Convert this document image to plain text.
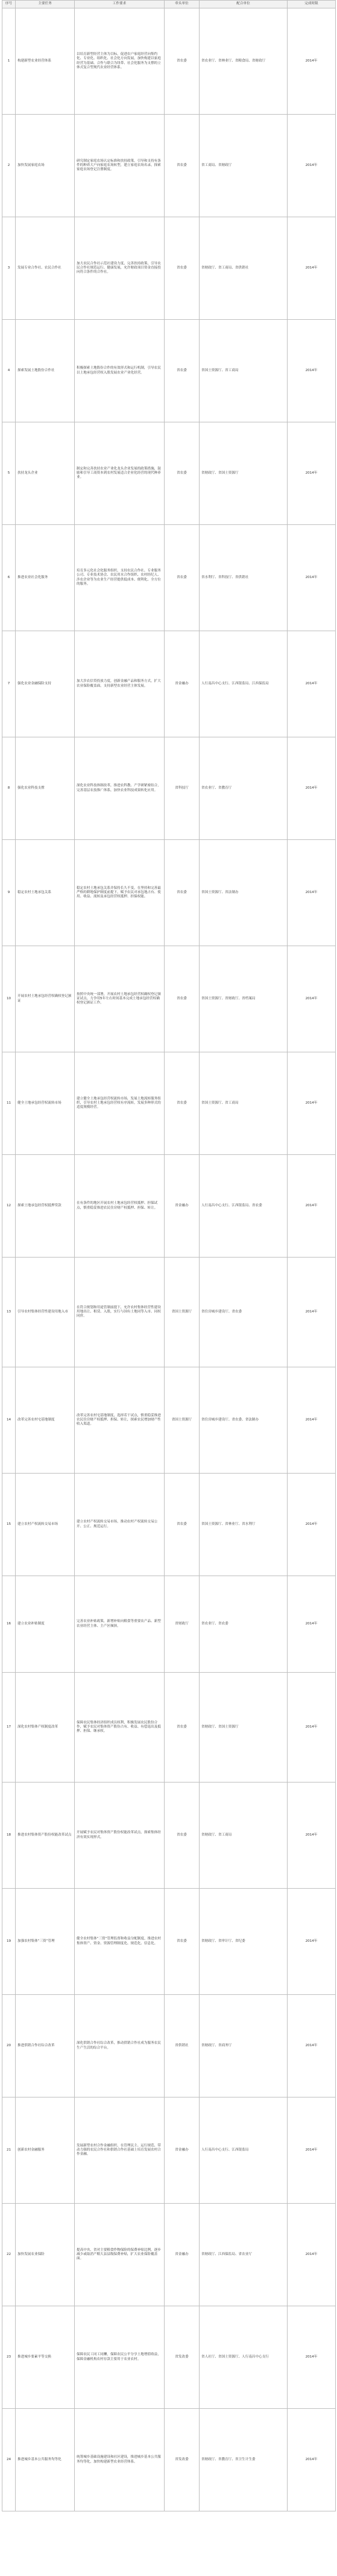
序号	主要任务	工作要求	牵头单位	配合单位	完成时限
1	构建新型农业经营体系	以培育新型经营主体为目标，促进农户家庭经营向集约化、专业化、组织化、社会化方向发展，加快构建以家庭经营为基础、合作与联合为纽带、社会化服务为支撑的立体式复合型现代农业经营体系。	省农委	省农业厅、省林业厅、省粮食局、省财政厅	2014年
2	加快发展家庭农场	研究制定家庭农场认定标准和扶持政策，引导和支持有条件的种养大户向家庭农场转型，建立家庭农场名录，探索家庭农场登记注册制度。	省农委	省工商局、省财政厅	2014年
3	发展专业合作社、农民合作社	加大农民合作社示范社建设力度，完善扶持政策，引导农民合作社规范运行、健康发展，允许财政项目资金直接投向符合条件的合作社。	省农委	省财政厅、省工商局、省供销社	2014年
4	探索发展土地股份合作社	积极探索土地股份合作的有效形式和运行机制，引导农民以土地承包经营权入股发展农业产业化经营。	省农委	省国土资源厅、省工商局	2014年
5	扶持龙头企业	制定和完善扶持农业产业化龙头企业发展的政策措施，鼓励和引导工商资本到农村发展适合企业化经营的现代种养业。	省农委	省财政厅、省国土资源厅	2014年
6	推进农业社会化服务	培育多元化社会化服务组织，支持农民合作社、专业服务公司、专业技术协会、农民用水合作组织、农村经纪人、涉农企业等为农业生产经营提供低成本、便利化、全方位的服务。	省农委	省水利厅、省科技厅、省供销社	2014年
7	强化农业金融保险支持	加大涉农信贷投放力度，创新金融产品和服务方式，扩大农业保险覆盖面，支持新型农业经营主体发展。	省金融办	人行南昌中心支行、江西银监局、江西保监局	2014年
8	强化农业科技支撑	深化农业科技体制改革，推进农科教、产学研紧密结合，完善基层农技推广体系，加快农业科技成果转化应用。	省科技厅	省农业厅、省教育厅	2014年
9	稳定农村土地承包关系	稳定农村土地承包关系并保持长久不变，在坚持和完善最严格的耕地保护制度前提下，赋予农民对承包地占有、使用、收益、流转及承包经营权抵押、担保权能。	省农委	省国土资源厅、省法制办	2014年
10	开展农村土地承包经营权确权登记颁证	按照中央统一部署，开展农村土地承包经营权确权登记颁证试点，力争用5年左右时间基本完成土地承包经营权确权登记颁证工作。	省农委	省国土资源厅、省财政厅、省档案局	2014年
11	健全土地承包经营权流转市场	建立健全土地承包经营权流转市场，发展土地流转服务组织，引导农村土地承包经营权有序流转，发展多种形式的适度规模经营。	省农委	省国土资源厅、省工商局	2014年
12	探索土地承包经营权抵押贷款	在有条件的地区开展农村土地承包经营权抵押、担保试点，慎重稳妥推进农民住房财产权抵押、担保、转让。	省金融办	人行南昌中心支行、江西银监局、省农委	2014年
13	引导农村集体经营性建设用地入市	在符合规划和用途管制前提下，允许农村集体经营性建设用地出让、租赁、入股，实行与国有土地同等入市、同权同价。	省国土资源厅	省住房城乡建设厅、省农委	2014年
14	改革完善农村宅基地制度	改革完善农村宅基地制度，选择若干试点，慎重稳妥推进农民住房财产权抵押、担保、转让，探索农民增加财产性收入渠道。	省国土资源厅	省住房城乡建设厅、省农委、省法制办	2014年
15	建立农村产权流转交易市场	建立农村产权流转交易市场，推动农村产权流转交易公开、公正、规范运行。	省农委	省国土资源厅、省林业厅、省水利厅	2014年
16	建立农业补贴制度	完善农业补贴政策，新增补贴向粮食等重要农产品、新型农业经营主体、主产区倾斜。	省财政厅	省农业厅、省农委	2014年
17	深化农村集体产权制度改革	保障农民集体经济组织成员权利，积极发展农民股份合作，赋予农民对集体资产股份占有、收益、有偿退出及抵押、担保、继承权。	省农委	省财政厅、省国土资源厅	2014年
18	推进农村集体资产股份权能改革试点	开展赋予农民对集体资产股份权能改革试点，探索集体经济有效实现形式。	省农委	省财政厅、省工商局	2014年
19	加强农村集体“三资”管理	健全农村集体“三资”管理监督和收益分配制度，推进农村集体资产、资金、资源管理制度化、规范化、信息化。	省农委	省财政厅、省审计厅、省纪委	2014年
20	推进供销合作社综合改革	深化供销合作社综合改革，推动供销合作社成为服务农民生产生活的综合平台。	省供销社	省财政厅、省商务厅	2014年
21	创新农村金融服务	发展新型农村合作金融组织，在管理民主、运行规范、带动力强的农民合作社和供销合作社基础上培育发展农村合作金融。	省金融办	人行南昌中心支行、江西银监局	2014年
22	加快发展农业保险	提高中央、省对主要粮食作物保险的保费补贴比例，逐步减少或取消产粮大县县级保费补贴，扩大农业保险覆盖面。	省金融办	省财政厅、江西保监局、省农业厅	2014年
23	推进城乡要素平等交换	保障农民工同工同酬，保障农民公平分享土地增值收益，保障金融机构农村存款主要用于农业农村。	省发改委	省人社厅、省国土资源厅、人行南昌中心支行	2014年
24	推进城乡基本公共服务均等化	统筹城乡基础设施建设和社区建设，推进城乡基本公共服务均等化，加快构建新型农业经营体系。	省发改委	省财政厅、省教育厅、省卫生计生委	2014年
